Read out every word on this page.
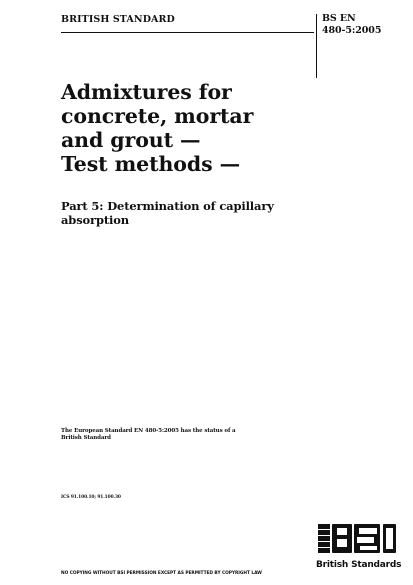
BRITISH STANDARD	BS EN
480-5:2005
Admixtures for
concrete, mortar
and grout —
Test methods —
Part 5: Determination of capillary
absorption
The European Standard EN 480-5:2005 has the status of a
British Standard
ICS 91.100.10; 91.100.30
NO COPYING WITHOUT BSI PERMISSION EXCEPT AS PERMITTED BY COPYRIGHT LAW
British Standards
